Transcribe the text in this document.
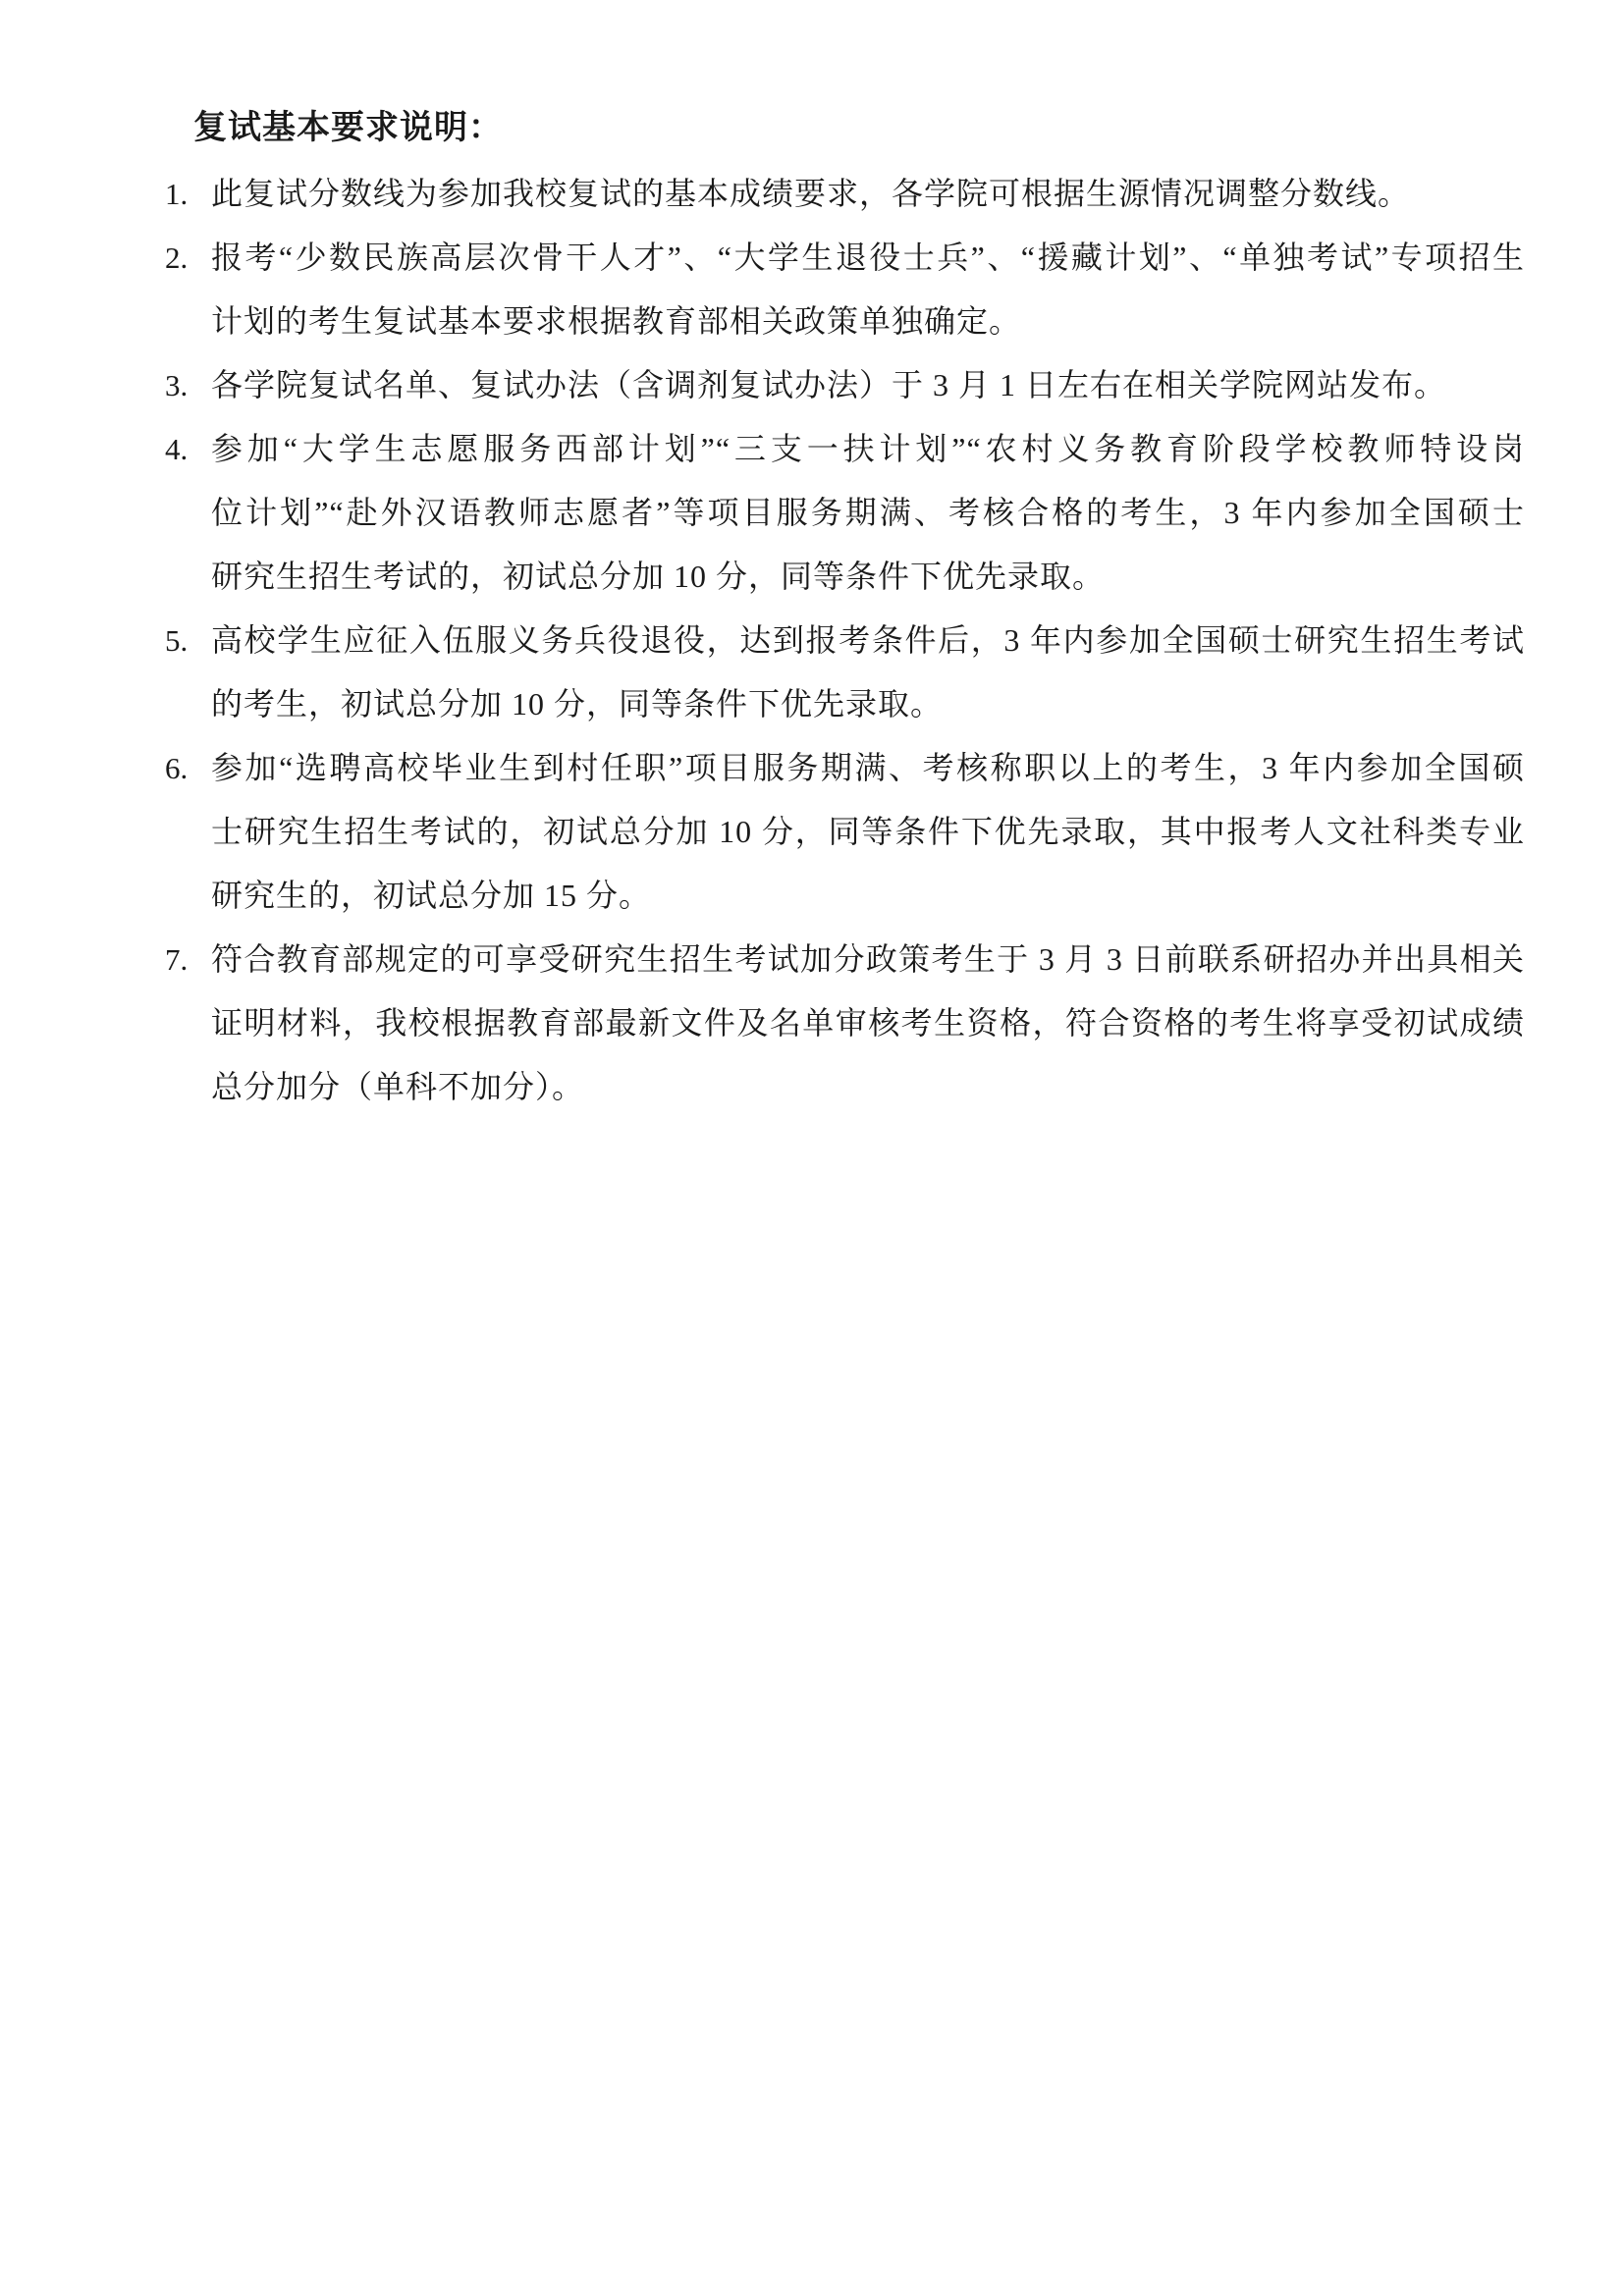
复试基本要求说明：
1. 此复试分数线为参加我校复试的基本成绩要求，各学院可根据生源情况调整分数线。
2. 报考“少数民族高层次骨干人才”、“大学生退役士兵”、“援藏计划”、“单独考试”专项招生
计划的考生复试基本要求根据教育部相关政策单独确定。
3. 各学院复试名单、复试办法（含调剂复试办法）于 3 月 1 日左右在相关学院网站发布。
4. 参加“大学生志愿服务西部计划”“三支一扶计划”“农村义务教育阶段学校教师特设岗
位计划”“赴外汉语教师志愿者”等项目服务期满、考核合格的考生，3 年内参加全国硕士
研究生招生考试的，初试总分加 10 分，同等条件下优先录取。
5. 高校学生应征入伍服义务兵役退役，达到报考条件后，3 年内参加全国硕士研究生招生考试
的考生，初试总分加 10 分，同等条件下优先录取。
6. 参加“选聘高校毕业生到村任职”项目服务期满、考核称职以上的考生，3 年内参加全国硕
士研究生招生考试的，初试总分加 10 分，同等条件下优先录取，其中报考人文社科类专业
研究生的，初试总分加 15 分。
7. 符合教育部规定的可享受研究生招生考试加分政策考生于 3 月 3 日前联系研招办并出具相关
证明材料，我校根据教育部最新文件及名单审核考生资格，符合资格的考生将享受初试成绩
总分加分（单科不加分）。
